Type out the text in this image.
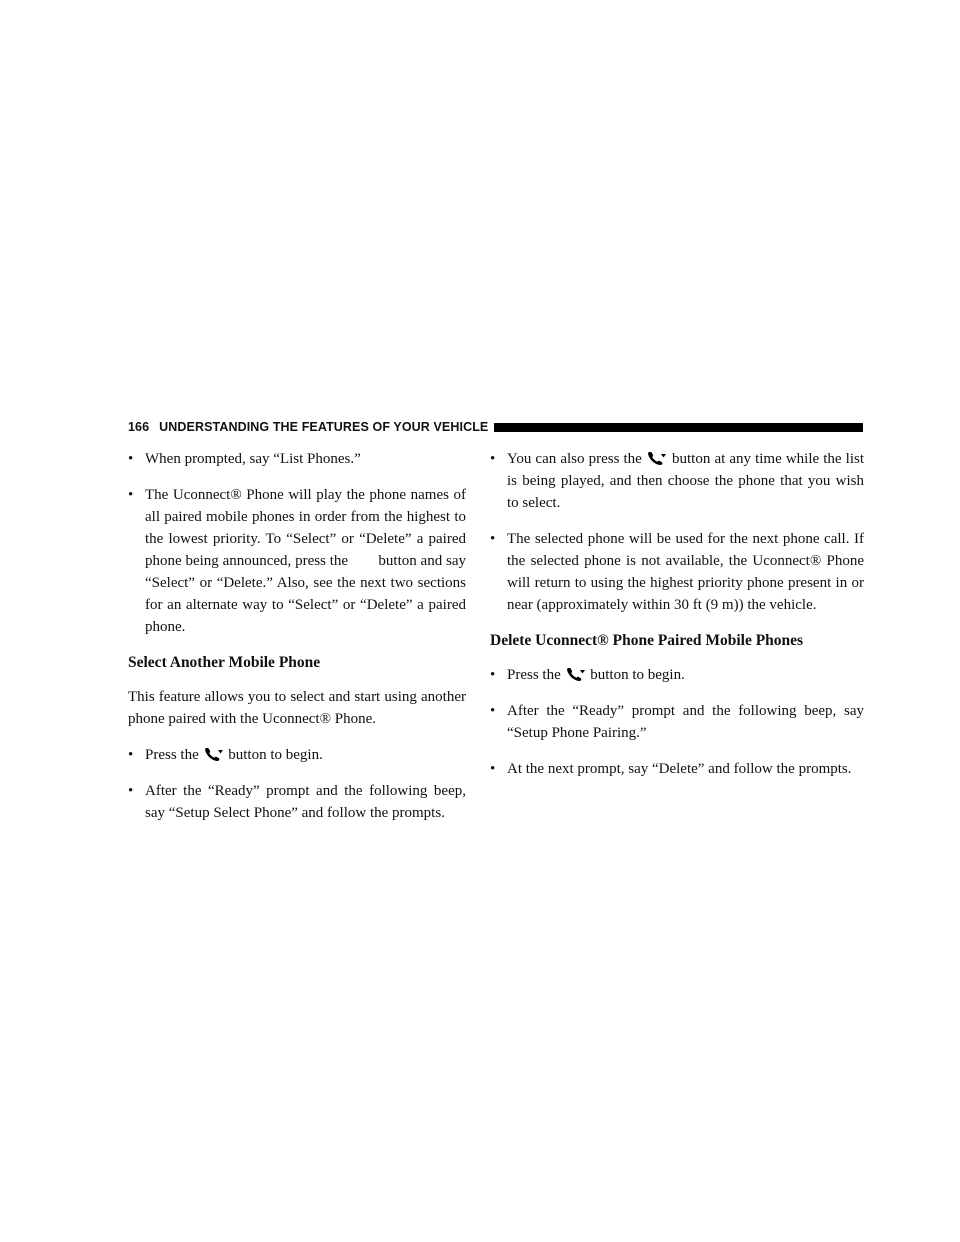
166 UNDERSTANDING THE FEATURES OF YOUR VEHICLE
• When prompted, say “List Phones.”
• The Uconnect® Phone will play the phone names of all paired mobile phones in order from the highest to the lowest priority. To “Select” or “Delete” a paired phone being announced, press the        button and say “Select” or “Delete.” Also, see the next two sections for an alternate way to “Select” or “Delete” a paired phone.
Select Another Mobile Phone
This feature allows you to select and start using another phone paired with the Uconnect® Phone.
• Press the button to begin.
• After the “Ready” prompt and the following beep, say “Setup Select Phone” and follow the prompts.
• You can also press the button at any time while the list is being played, and then choose the phone that you wish to select.
• The selected phone will be used for the next phone call. If the selected phone is not available, the Uconnect® Phone will return to using the highest priority phone present in or near (approximately within 30 ft (9 m)) the vehicle.
Delete Uconnect® Phone Paired Mobile Phones
• Press the button to begin.
• After the “Ready” prompt and the following beep, say “Setup Phone Pairing.”
• At the next prompt, say “Delete” and follow the prompts.
